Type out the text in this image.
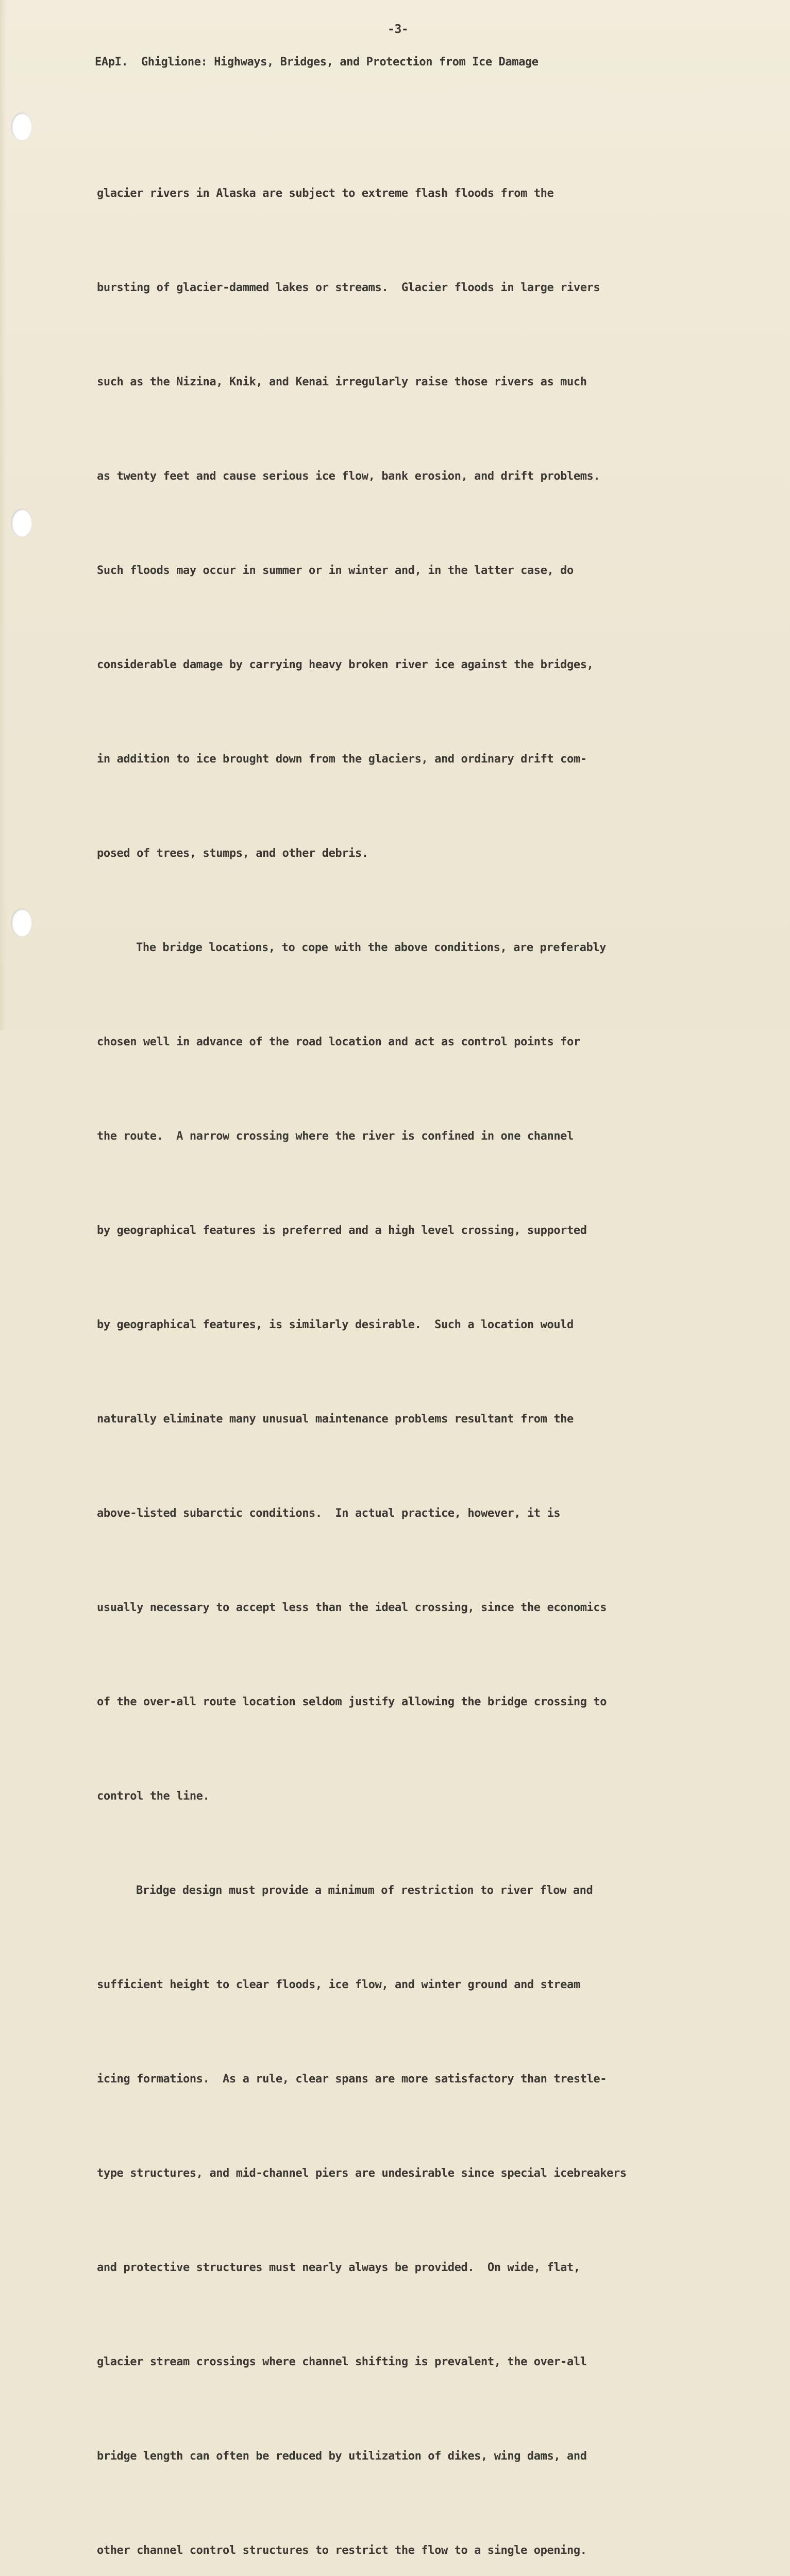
-3-
EApI.  Ghiglione: Highways, Bridges, and Protection from Ice Damage

glacier rivers in Alaska are subject to extreme flash floods from the

bursting of glacier-dammed lakes or streams.  Glacier floods in large rivers

such as the Nizina, Knik, and Kenai irregularly raise those rivers as much

as twenty feet and cause serious ice flow, bank erosion, and drift problems.

Such floods may occur in summer or in winter and, in the latter case, do

considerable damage by carrying heavy broken river ice against the bridges,

in addition to ice brought down from the glaciers, and ordinary drift com-

posed of trees, stumps, and other debris.

The bridge locations, to cope with the above conditions, are preferably

chosen well in advance of the road location and act as control points for

the route.  A narrow crossing where the river is confined in one channel

by geographical features is preferred and a high level crossing, supported

by geographical features, is similarly desirable.  Such a location would

naturally eliminate many unusual maintenance problems resultant from the

above-listed subarctic conditions.  In actual practice, however, it is

usually necessary to accept less than the ideal crossing, since the economics

of the over-all route location seldom justify allowing the bridge crossing to

control the line.

Bridge design must provide a minimum of restriction to river flow and

sufficient height to clear floods, ice flow, and winter ground and stream

icing formations.  As a rule, clear spans are more satisfactory than trestle-

type structures, and mid-channel piers are undesirable since special icebreakers

and protective structures must nearly always be provided.  On wide, flat,

glacier stream crossings where channel shifting is prevalent, the over-all

bridge length can often be reduced by utilization of dikes, wing dams, and

other channel control structures to restrict the flow to a single opening.
